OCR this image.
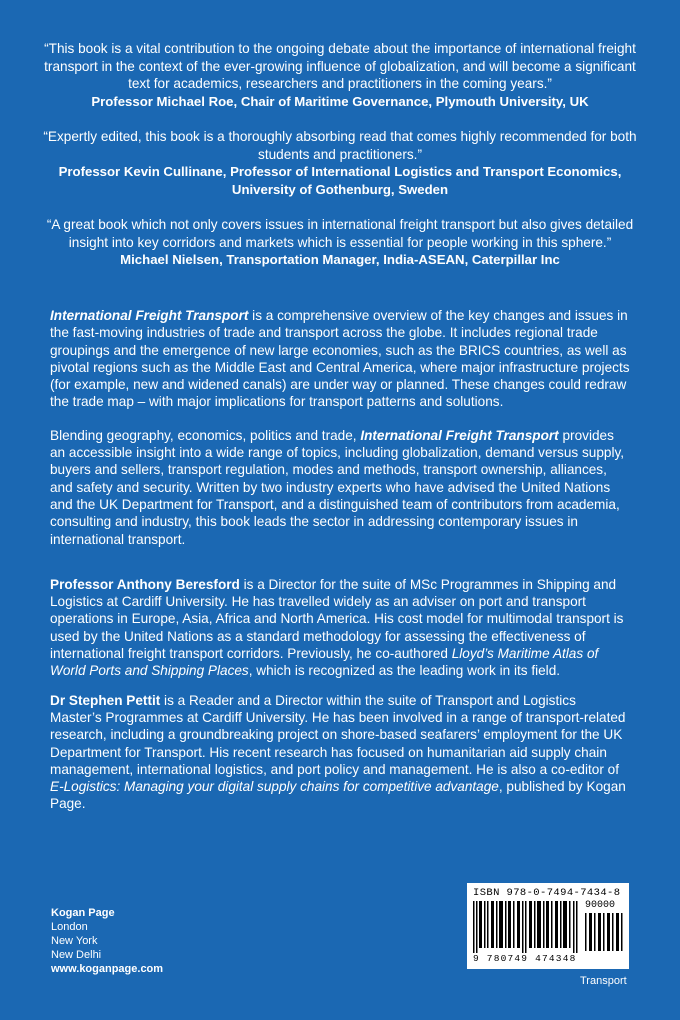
“This book is a vital contribution to the ongoing debate about the importance of international freight transport in the context of the ever-growing influence of globalization, and will become a significant text for academics, researchers and practitioners in the coming years.”
Professor Michael Roe, Chair of Maritime Governance, Plymouth University, UK
“Expertly edited, this book is a thoroughly absorbing read that comes highly recommended for both students and practitioners.”
Professor Kevin Cullinane, Professor of International Logistics and Transport Economics, University of Gothenburg, Sweden
“A great book which not only covers issues in international freight transport but also gives detailed insight into key corridors and markets which is essential for people working in this sphere.”
Michael Nielsen, Transportation Manager, India-ASEAN, Caterpillar Inc

International Freight Transport is a comprehensive overview of the key changes and issues in the fast-moving industries of trade and transport across the globe. It includes regional trade groupings and the emergence of new large economies, such as the BRICS countries, as well as pivotal regions such as the Middle East and Central America, where major infrastructure projects (for example, new and widened canals) are under way or planned. These changes could redraw the trade map – with major implications for transport patterns and solutions.

Blending geography, economics, politics and trade, International Freight Transport provides an accessible insight into a wide range of topics, including globalization, demand versus supply, buyers and sellers, transport regulation, modes and methods, transport ownership, alliances, and safety and security. Written by two industry experts who have advised the United Nations and the UK Department for Transport, and a distinguished team of contributors from academia, consulting and industry, this book leads the sector in addressing contemporary issues in international transport.

Professor Anthony Beresford is a Director for the suite of MSc Programmes in Shipping and Logistics at Cardiff University. He has travelled widely as an adviser on port and transport operations in Europe, Asia, Africa and North America. His cost model for multimodal transport is used by the United Nations as a standard methodology for assessing the effectiveness of international freight transport corridors. Previously, he co-authored Lloyd’s Maritime Atlas of World Ports and Shipping Places, which is recognized as the leading work in its field.

Dr Stephen Pettit is a Reader and a Director within the suite of Transport and Logistics Master’s Programmes at Cardiff University. He has been involved in a range of transport-related research, including a groundbreaking project on shore-based seafarers’ employment for the UK Department for Transport. His recent research has focused on humanitarian aid supply chain management, international logistics, and port policy and management. He is also a co-editor of E-Logistics: Managing your digital supply chains for competitive advantage, published by Kogan Page.

Kogan Page
London
New York
New Delhi
www.koganpage.com
ISBN 978-0-7494-7434-8
90000
9 780749 474348
Transport
